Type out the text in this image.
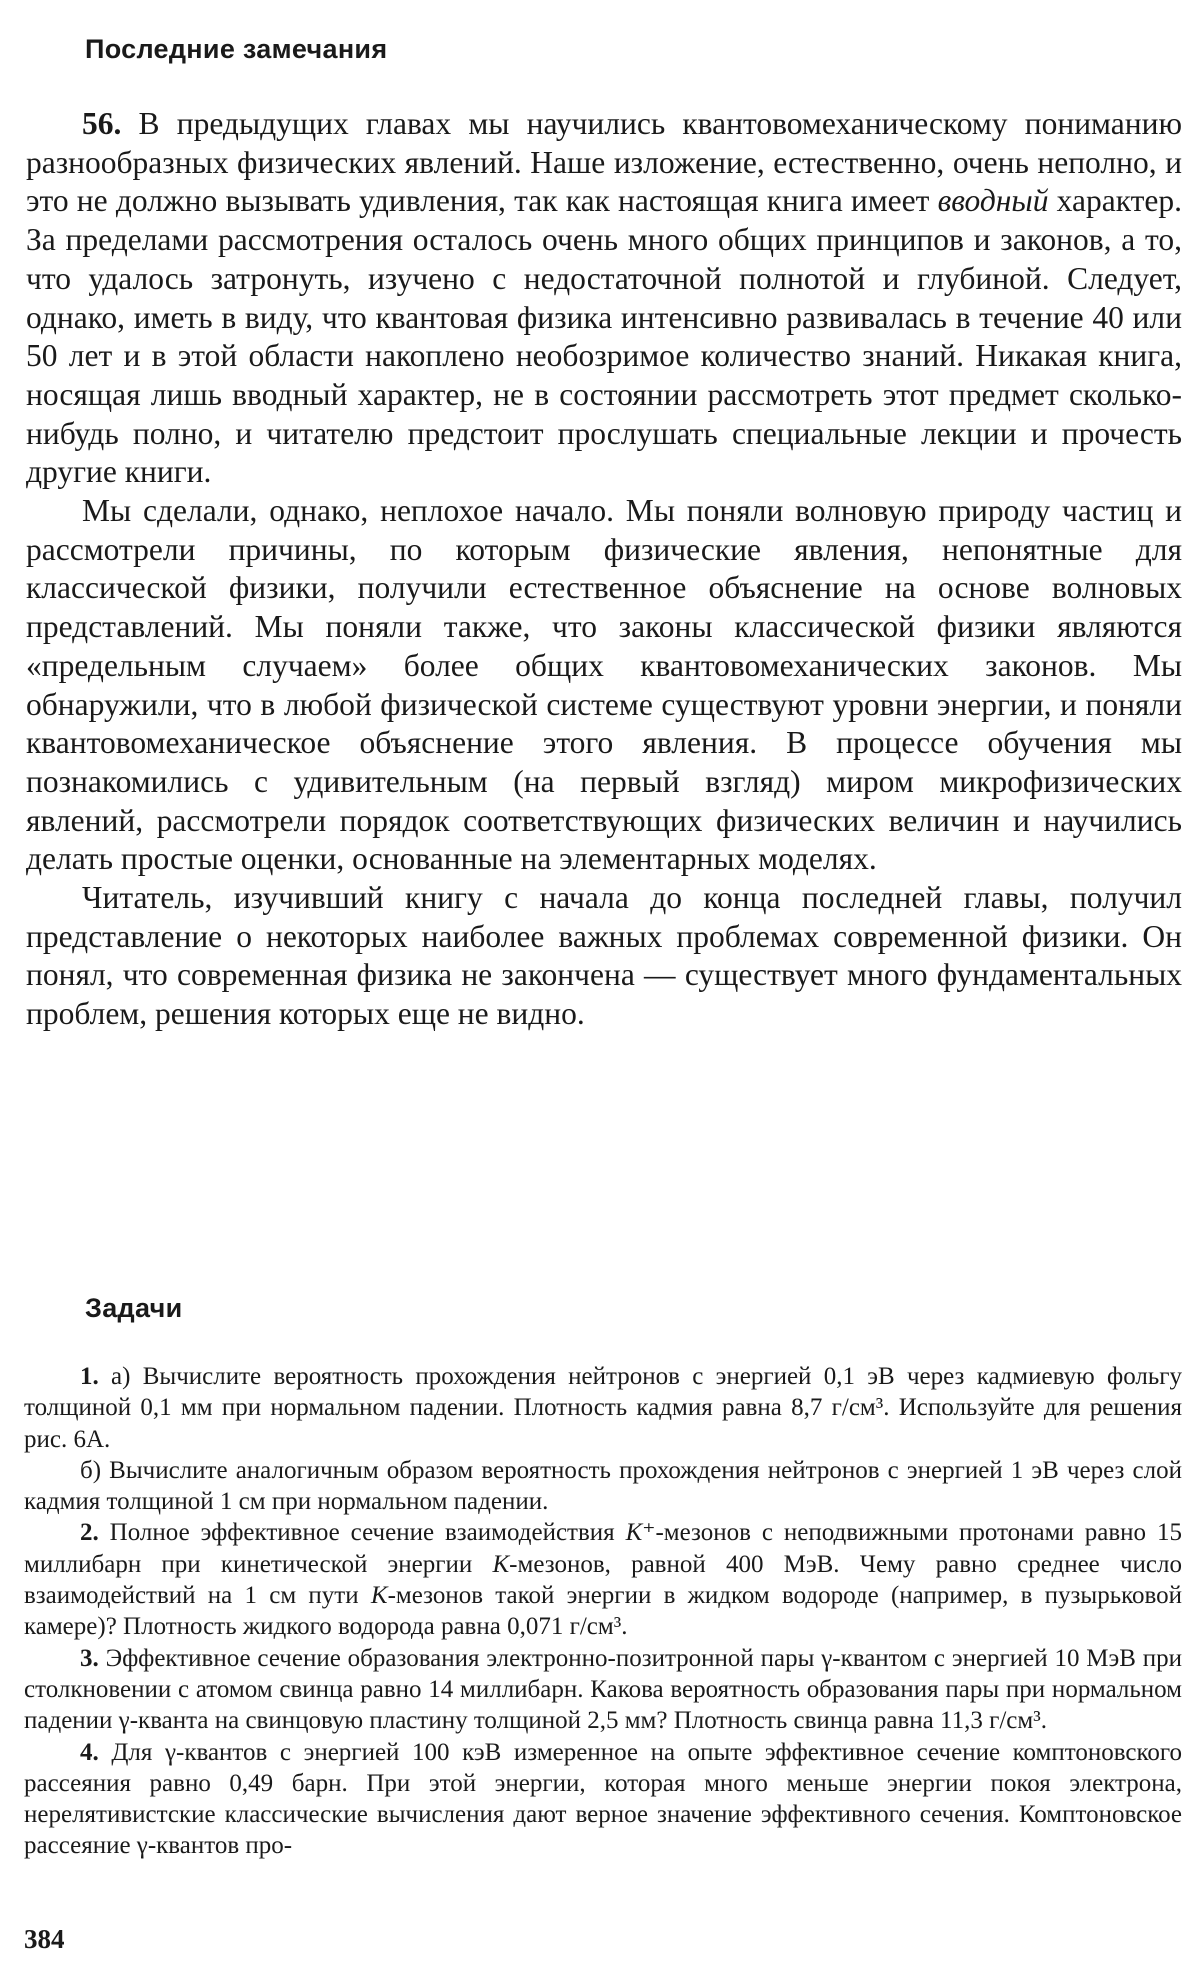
Последние замечания

56. В предыдущих главах мы научились квантовомеханическому пониманию разнообразных физических явлений. Наше изложение, естественно, очень неполно, и это не должно вызывать удивления, так как настоящая книга имеет вводный характер. За пределами рассмотрения осталось очень много общих принципов и законов, а то, что удалось затронуть, изучено с недостаточной полнотой и глубиной. Следует, однако, иметь в виду, что квантовая физика интенсивно развивалась в течение 40 или 50 лет и в этой области накоплено необозримое количество знаний. Никакая книга, носящая лишь вводный характер, не в состоянии рассмотреть этот предмет сколько-нибудь полно, и читателю предстоит прослушать специальные лекции и прочесть другие книги.

Мы сделали, однако, неплохое начало. Мы поняли волновую природу частиц и рассмотрели причины, по которым физические явления, непонятные для классической физики, получили естественное объяснение на основе волновых представлений. Мы поняли также, что законы классической физики являются «предельным случаем» более общих квантовомеханических законов. Мы обнаружили, что в любой физической системе существуют уровни энергии, и поняли квантовомеханическое объяснение этого явления. В процессе обучения мы познакомились с удивительным (на первый взгляд) миром микрофизических явлений, рассмотрели порядок соответствующих физических величин и научились делать простые оценки, основанные на элементарных моделях.

Читатель, изучивший книгу с начала до конца последней главы, получил представление о некоторых наиболее важных проблемах современной физики. Он понял, что современная физика не закончена — существует много фундаментальных проблем, решения которых еще не видно.

Задачи

1. а) Вычислите вероятность прохождения нейтронов с энергией 0,1 эВ через кадмиевую фольгу толщиной 0,1 мм при нормальном падении. Плотность кадмия равна 8,7 г/см³. Используйте для решения рис. 6А.

б) Вычислите аналогичным образом вероятность прохождения нейтронов с энергией 1 эВ через слой кадмия толщиной 1 см при нормальном падении.

2. Полное эффективное сечение взаимодействия K⁺-мезонов с неподвижными протонами равно 15 миллибарн при кинетической энергии K-мезонов, равной 400 МэВ. Чему равно среднее число взаимодействий на 1 см пути K-мезонов такой энергии в жидком водороде (например, в пузырьковой камере)? Плотность жидкого водорода равна 0,071 г/см³.

3. Эффективное сечение образования электронно-позитронной пары γ-квантом с энергией 10 МэВ при столкновении с атомом свинца равно 14 миллибарн. Какова вероятность образования пары при нормальном падении γ-кванта на свинцовую пластину толщиной 2,5 мм? Плотность свинца равна 11,3 г/см³.

4. Для γ-квантов с энергией 100 кэВ измеренное на опыте эффективное сечение комптоновского рассеяния равно 0,49 барн. При этой энергии, которая много меньше энергии покоя электрона, нерелятивистские классические вычисления дают верное значение эффективного сечения. Комптоновское рассеяние γ-квантов про-

384
